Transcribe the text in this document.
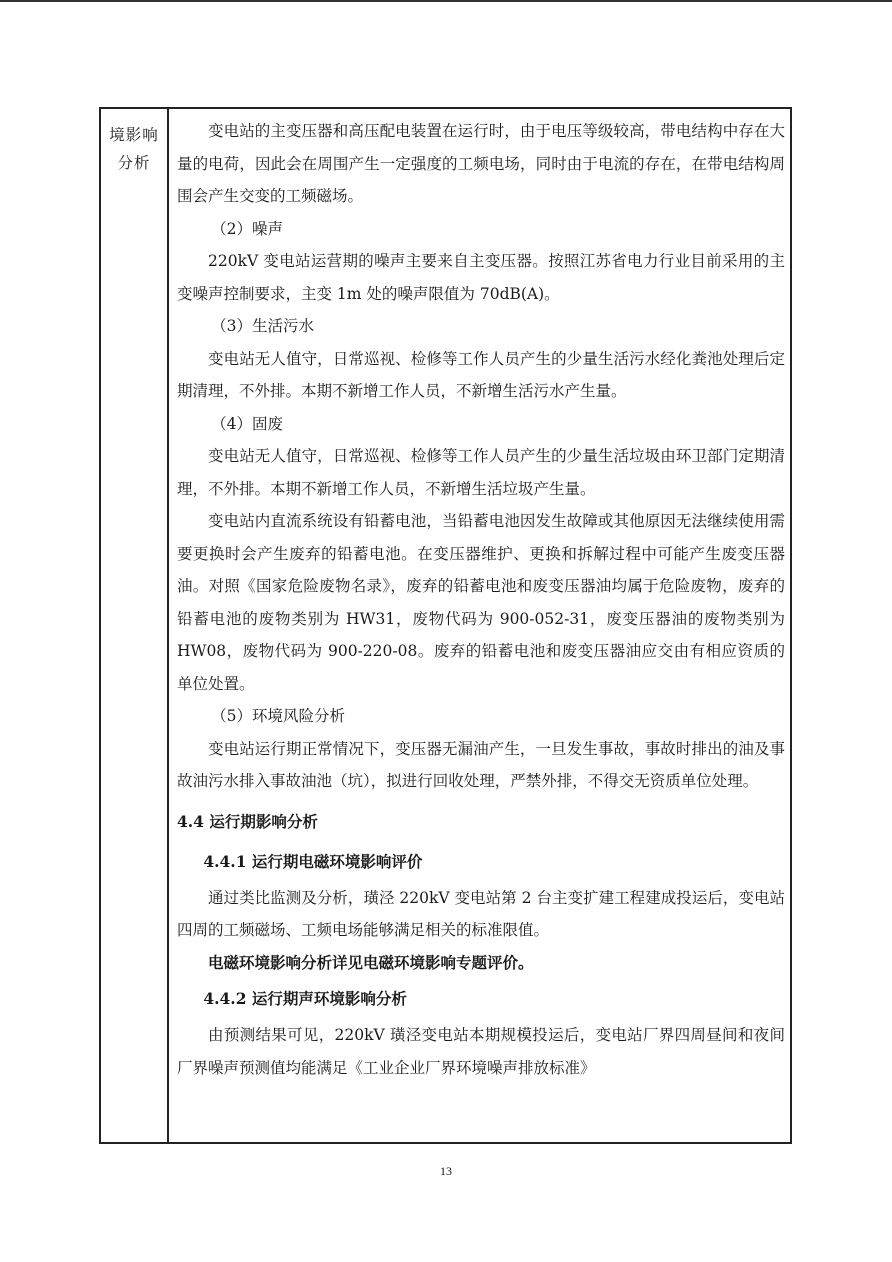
境影响
分析

变电站的主变压器和高压配电装置在运行时，由于电压等级较高，带电结构中存在大量的电荷，因此会在周围产生一定强度的工频电场，同时由于电流的存在，在带电结构周围会产生交变的工频磁场。

（2）噪声

220kV 变电站运营期的噪声主要来自主变压器。按照江苏省电力行业目前采用的主变噪声控制要求，主变 1m 处的噪声限值为 70dB(A)。

（3）生活污水

变电站无人值守，日常巡视、检修等工作人员产生的少量生活污水经化粪池处理后定期清理，不外排。本期不新增工作人员，不新增生活污水产生量。

（4）固废

变电站无人值守，日常巡视、检修等工作人员产生的少量生活垃圾由环卫部门定期清理，不外排。本期不新增工作人员，不新增生活垃圾产生量。

变电站内直流系统设有铅蓄电池，当铅蓄电池因发生故障或其他原因无法继续使用需要更换时会产生废弃的铅蓄电池。在变压器维护、更换和拆解过程中可能产生废变压器油。对照《国家危险废物名录》，废弃的铅蓄电池和废变压器油均属于危险废物，废弃的铅蓄电池的废物类别为 HW31，废物代码为 900-052-31，废变压器油的废物类别为 HW08，废物代码为 900-220-08。废弃的铅蓄电池和废变压器油应交由有相应资质的单位处置。

（5）环境风险分析

变电站运行期正常情况下，变压器无漏油产生，一旦发生事故，事故时排出的油及事故油污水排入事故油池（坑），拟进行回收处理，严禁外排，不得交无资质单位处理。

4.4 运行期影响分析

4.4.1 运行期电磁环境影响评价

通过类比监测及分析，璜泾 220kV 变电站第 2 台主变扩建工程建成投运后，变电站四周的工频磁场、工频电场能够满足相关的标准限值。

电磁环境影响分析详见电磁环境影响专题评价。

4.4.2 运行期声环境影响分析

由预测结果可见，220kV 璜泾变电站本期规模投运后，变电站厂界四周昼间和夜间厂界噪声预测值均能满足《工业企业厂界环境噪声排放标准》

13
